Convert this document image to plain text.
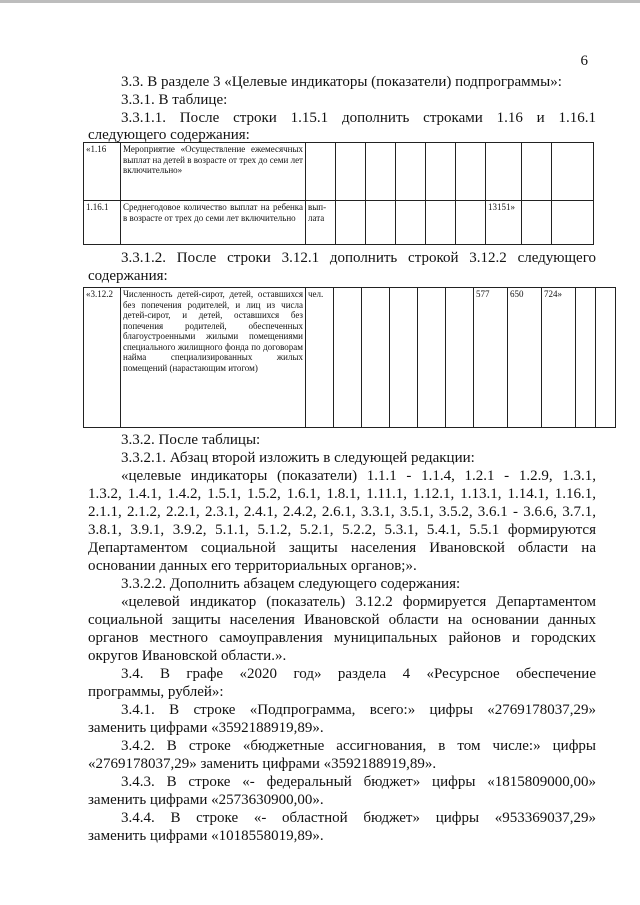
6
3.3. В разделе 3 «Целевые индикаторы (показатели) подпрограммы»:
3.3.1. В таблице:
3.3.1.1. После строки 1.15.1 дополнить строками 1.16 и 1.16.1
следующего содержания:
«1.16	Мероприятие «Осуществление ежемесячных выплат на детей в возрасте от трех до семи лет включительно»									
1.16.1	Среднегодовое количество выплат на ребенка в возрасте от трех до семи лет включительно	вып-лата						13151»		
3.3.1.2. После строки 3.12.1 дополнить строкой 3.12.2 следующего
содержания:
«3.12.2	Численность детей-сирот, детей, оставшихся без попечения родителей, и лиц из числа детей-сирот, и детей, оставшихся без попечения родителей, обеспеченных благоустроенными жилыми помещениями специального жилищного фонда по договорам найма специализированных жилых помещений (нарастающим итогом)	чел.						577	650	724»		
3.3.2. После таблицы:
3.3.2.1. Абзац второй изложить в следующей редакции:
«целевые индикаторы (показатели) 1.1.1 - 1.1.4, 1.2.1 - 1.2.9, 1.3.1,
1.3.2, 1.4.1, 1.4.2, 1.5.1, 1.5.2, 1.6.1, 1.8.1, 1.11.1, 1.12.1, 1.13.1, 1.14.1, 1.16.1,
2.1.1, 2.1.2, 2.2.1, 2.3.1, 2.4.1, 2.4.2, 2.6.1, 3.3.1, 3.5.1, 3.5.2, 3.6.1 - 3.6.6, 3.7.1,
3.8.1, 3.9.1, 3.9.2, 5.1.1, 5.1.2, 5.2.1, 5.2.2, 5.3.1, 5.4.1, 5.5.1 формируются
Департаментом социальной защиты населения Ивановской области на
основании данных его территориальных органов;».
3.3.2.2. Дополнить абзацем следующего содержания:
«целевой индикатор (показатель) 3.12.2 формируется Департаментом
социальной защиты населения Ивановской области на основании данных
органов местного самоуправления муниципальных районов и городских
округов Ивановской области.».
3.4. В графе «2020 год» раздела 4 «Ресурсное обеспечение
программы, рублей»:
3.4.1. В строке «Подпрограмма, всего:» цифры «2769178037,29»
заменить цифрами «3592188919,89».
3.4.2. В строке «бюджетные ассигнования, в том числе:» цифры
«2769178037,29» заменить цифрами «3592188919,89».
3.4.3. В строке «- федеральный бюджет» цифры «1815809000,00»
заменить цифрами «2573630900,00».
3.4.4. В строке «- областной бюджет» цифры «953369037,29»
заменить цифрами «1018558019,89».
